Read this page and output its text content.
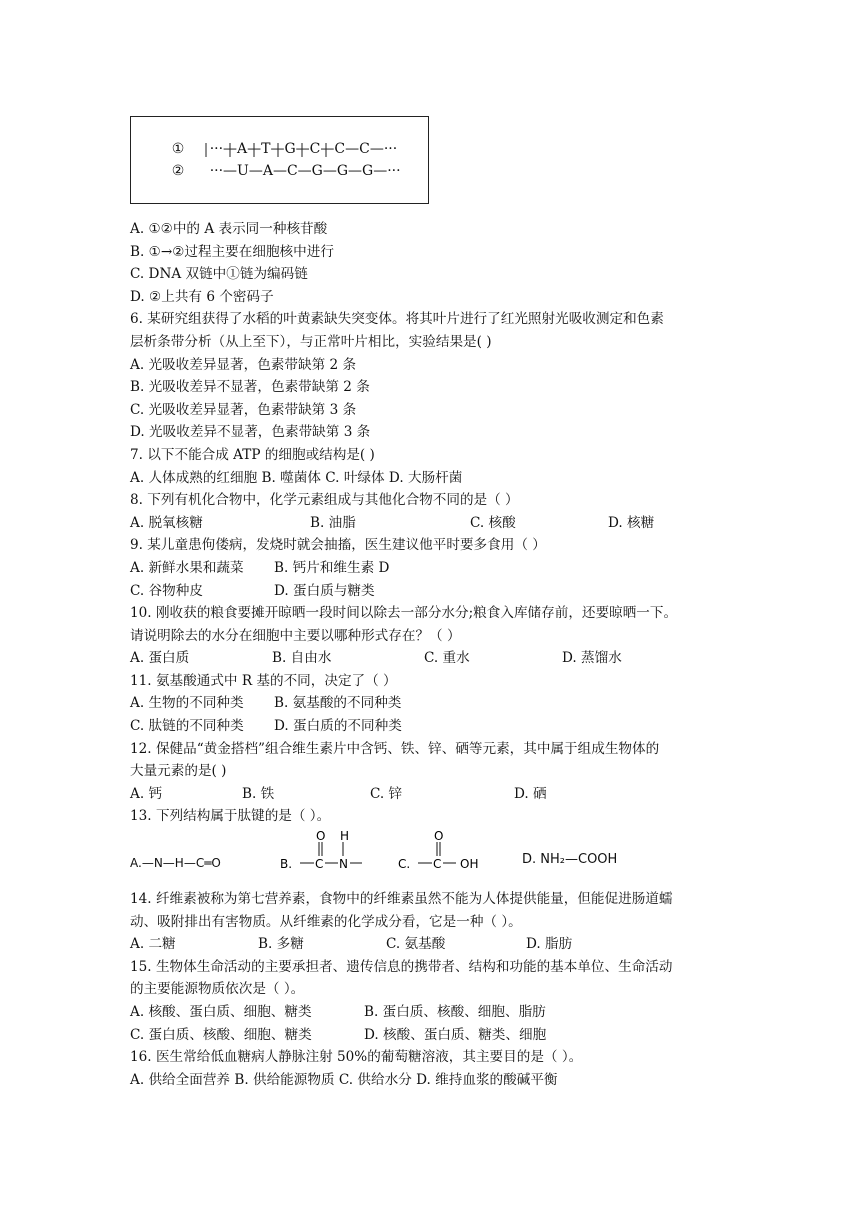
① ···—A—T—G—C—C—C—···

② ···—U—A—C—G—G—G—···

A. ①②中的 A 表示同一种核苷酸
B. ①→②过程主要在细胞核中进行
C. DNA 双链中①链为编码链
D. ②上共有 6 个密码子
6. 某研究组获得了水稻的叶黄素缺失突变体。将其叶片进行了红光照射光吸收测定和色素
层析条带分析（从上至下），与正常叶片相比，实验结果是( )
A. 光吸收差异显著，色素带缺第 2 条
B. 光吸收差异不显著，色素带缺第 2 条
C. 光吸收差异显著，色素带缺第 3 条
D. 光吸收差异不显著，色素带缺第 3 条
7. 以下不能合成 ATP 的细胞或结构是( )
A. 人体成熟的红细胞 B. 噬菌体 C. 叶绿体 D. 大肠杆菌
8. 下列有机化合物中，化学元素组成与其他化合物不同的是（ ）
A. 脱氧核糖	B. 油脂	C. 核酸	D. 核糖
9. 某儿童患佝偻病，发烧时就会抽搐，医生建议他平时要多食用（ ）
A. 新鲜水果和蔬菜 B. 钙片和维生素 D
C. 谷物种皮	D. 蛋白质与糖类
10. 刚收获的粮食要摊开晾晒一段时间以除去一部分水分;粮食入库储存前，还要晾晒一下。
请说明除去的水分在细胞中主要以哪种形式存在？（ ）
A. 蛋白质	B. 自由水	C. 重水	D. 蒸馏水
11. 氨基酸通式中 R 基的不同，决定了（ ）
A. 生物的不同种类 B. 氨基酸的不同种类
C. 肽链的不同种类 D. 蛋白质的不同种类
12. 保健品“黄金搭档”组合维生素片中含钙、铁、锌、硒等元素，其中属于组成生物体的
大量元素的是( )
A. 钙	B. 铁	C. 锌	D. 硒
13. 下列结构属于肽键的是（ ）。
A.—N—H—C═O	B. C
O
N
H
C. C
O
OH	D. NH₂—COOH
14. 纤维素被称为第七营养素，食物中的纤维素虽然不能为人体提供能量，但能促进肠道蠕
动、吸附排出有害物质。从纤维素的化学成分看，它是一种（ ）。
A. 二糖	B. 多糖	C. 氨基酸	D. 脂肪
15. 生物体生命活动的主要承担者、遗传信息的携带者、结构和功能的基本单位、生命活动
的主要能源物质依次是（ ）。
A. 核酸、蛋白质、细胞、糖类	B. 蛋白质、核酸、细胞、脂肪
C. 蛋白质、核酸、细胞、糖类	D. 核酸、蛋白质、糖类、细胞
16. 医生常给低血糖病人静脉注射 50%的葡萄糖溶液，其主要目的是（ ）。
A. 供给全面营养 B. 供给能源物质 C. 供给水分 D. 维持血浆的酸碱平衡
